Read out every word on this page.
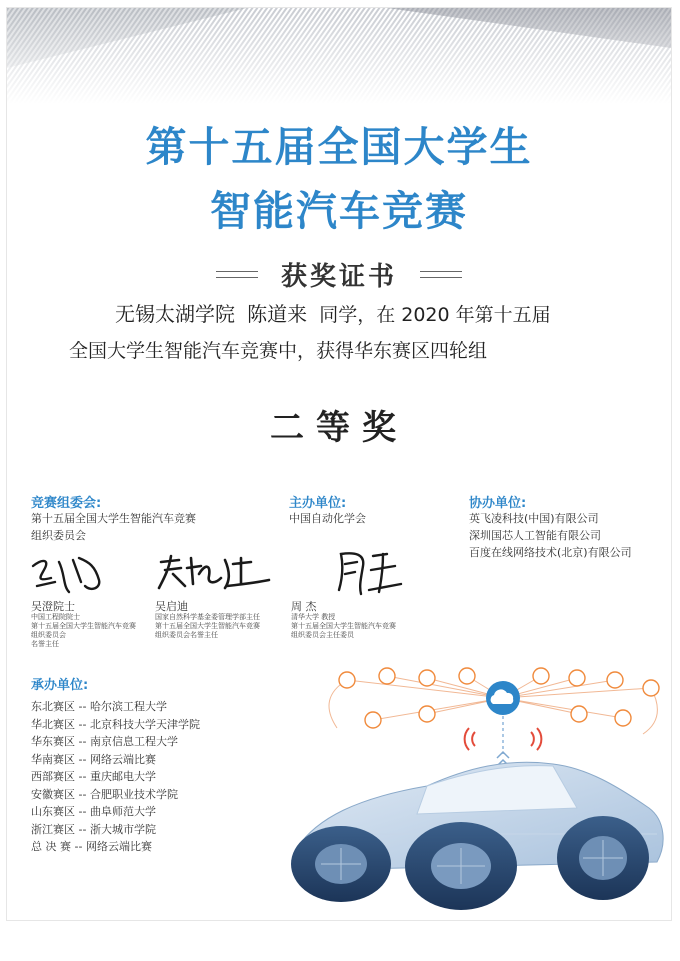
第十五届全国大学生
智能汽车竞赛
获奖证书
无锡太湖学院 陈道来 同学，在 2020 年第十五届
全国大学生智能汽车竞赛中，获得华东赛区四轮组
二等奖
竞赛组委会:
第十五届全国大学生智能汽车竞赛
组织委员会
主办单位:
中国自动化学会
协办单位:
英飞凌科技(中国)有限公司
深圳国芯人工智能有限公司
百度在线网络技术(北京)有限公司
吴澄院士
中国工程院院士
第十五届全国大学生智能汽车竞赛
组织委员会
名誉主任
吴启迪
国家自然科学基金委管理学部主任
第十五届全国大学生智能汽车竞赛
组织委员会名誉主任
周 杰
清华大学 教授
第十五届全国大学生智能汽车竞赛
组织委员会主任委员
承办单位:
东北赛区 -- 哈尔滨工程大学
华北赛区 -- 北京科技大学天津学院
华东赛区 -- 南京信息工程大学
华南赛区 -- 网络云端比赛
西部赛区 -- 重庆邮电大学
安徽赛区 -- 合肥职业技术学院
山东赛区 -- 曲阜师范大学
浙江赛区 -- 浙大城市学院
总 决 赛 -- 网络云端比赛
